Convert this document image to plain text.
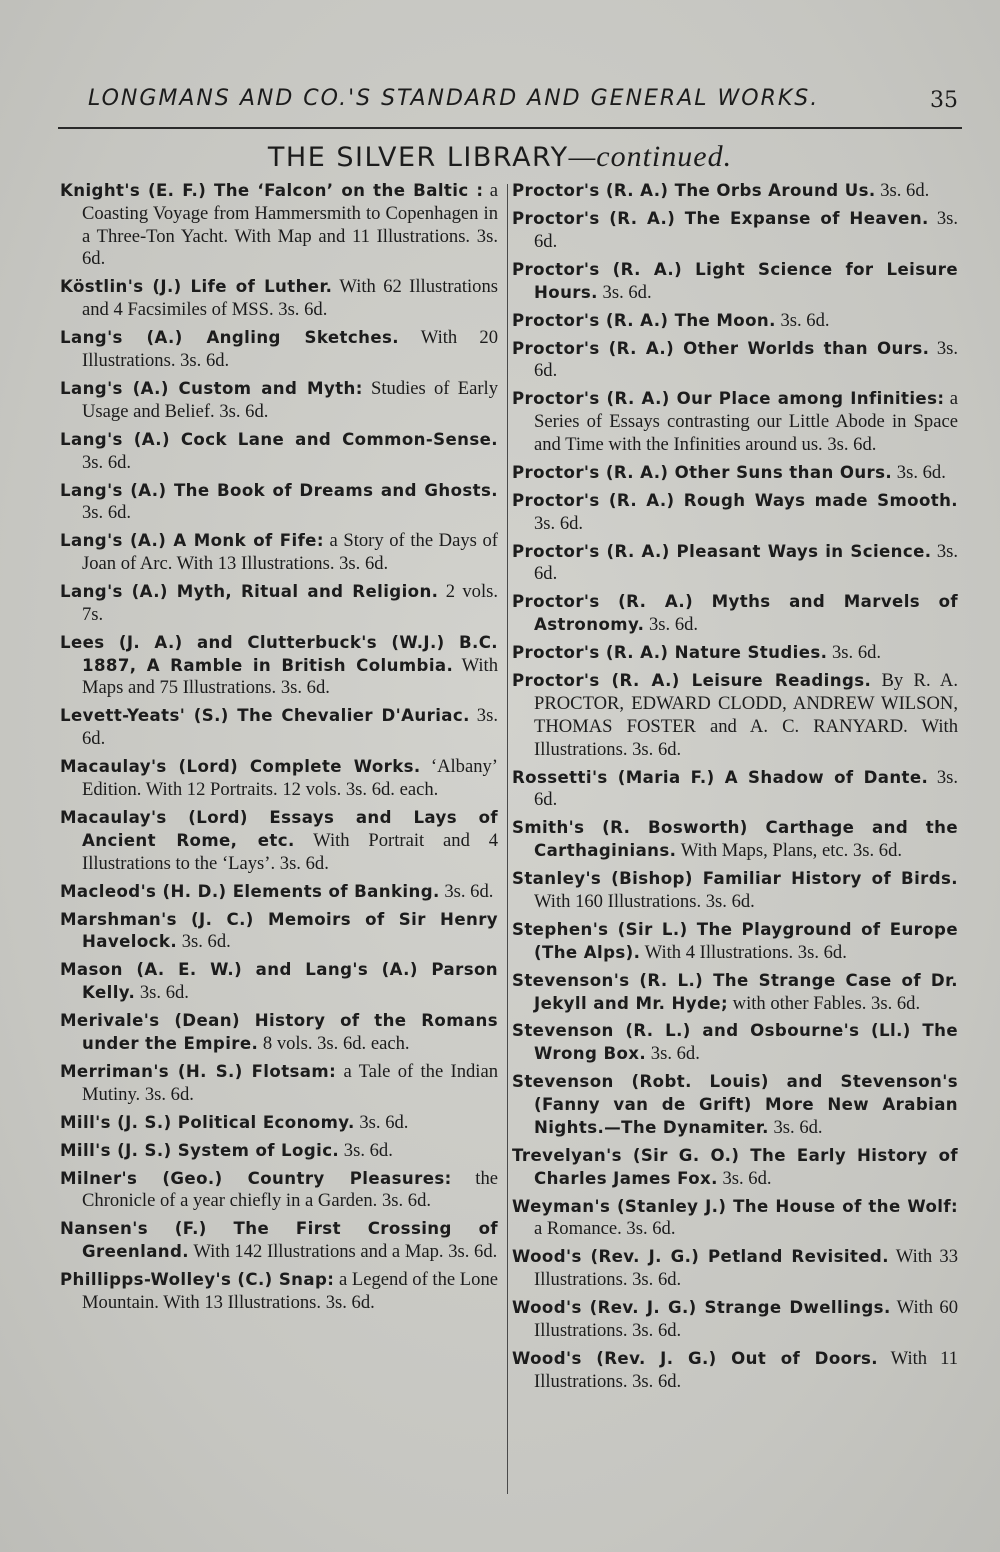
LONGMANS AND CO.'S STANDARD AND GENERAL WORKS.	35
THE SILVER LIBRARY—continued.

Knight's (E. F.) The ‘Falcon’ on the Baltic : a Coasting Voyage from Hammersmith to Copenhagen in a Three-Ton Yacht. With Map and 11 Illustrations. 3s. 6d.

Köstlin's (J.) Life of Luther. With 62 Illustrations and 4 Facsimiles of MSS. 3s. 6d.

Lang's (A.) Angling Sketches. With 20 Illustrations. 3s. 6d.

Lang's (A.) Custom and Myth: Studies of Early Usage and Belief. 3s. 6d.

Lang's (A.) Cock Lane and Common-Sense. 3s. 6d.

Lang's (A.) The Book of Dreams and Ghosts. 3s. 6d.

Lang's (A.) A Monk of Fife: a Story of the Days of Joan of Arc. With 13 Illustrations. 3s. 6d.

Lang's (A.) Myth, Ritual and Religion. 2 vols. 7s.

Lees (J. A.) and Clutterbuck's (W.J.) B.C. 1887, A Ramble in British Columbia. With Maps and 75 Illustrations. 3s. 6d.

Levett-Yeats' (S.) The Chevalier D'Auriac. 3s. 6d.

Macaulay's (Lord) Complete Works. ‘Albany’ Edition. With 12 Portraits. 12 vols. 3s. 6d. each.

Macaulay's (Lord) Essays and Lays of Ancient Rome, etc. With Portrait and 4 Illustrations to the ‘Lays’. 3s. 6d.

Macleod's (H. D.) Elements of Banking. 3s. 6d.

Marshman's (J. C.) Memoirs of Sir Henry Havelock. 3s. 6d.

Mason (A. E. W.) and Lang's (A.) Parson Kelly. 3s. 6d.

Merivale's (Dean) History of the Romans under the Empire. 8 vols. 3s. 6d. each.

Merriman's (H. S.) Flotsam: a Tale of the Indian Mutiny. 3s. 6d.

Mill's (J. S.) Political Economy. 3s. 6d.

Mill's (J. S.) System of Logic. 3s. 6d.

Milner's (Geo.) Country Pleasures: the Chronicle of a year chiefly in a Garden. 3s. 6d.

Nansen's (F.) The First Crossing of Greenland. With 142 Illustrations and a Map. 3s. 6d.

Phillipps-Wolley's (C.) Snap: a Legend of the Lone Mountain. With 13 Illustrations. 3s. 6d.

Proctor's (R. A.) The Orbs Around Us. 3s. 6d.

Proctor's (R. A.) The Expanse of Heaven. 3s. 6d.

Proctor's (R. A.) Light Science for Leisure Hours. 3s. 6d.

Proctor's (R. A.) The Moon. 3s. 6d.

Proctor's (R. A.) Other Worlds than Ours. 3s. 6d.

Proctor's (R. A.) Our Place among Infinities: a Series of Essays contrasting our Little Abode in Space and Time with the Infinities around us. 3s. 6d.

Proctor's (R. A.) Other Suns than Ours. 3s. 6d.

Proctor's (R. A.) Rough Ways made Smooth. 3s. 6d.

Proctor's (R. A.) Pleasant Ways in Science. 3s. 6d.

Proctor's (R. A.) Myths and Marvels of Astronomy. 3s. 6d.

Proctor's (R. A.) Nature Studies. 3s. 6d.

Proctor's (R. A.) Leisure Readings. By R. A. PROCTOR, EDWARD CLODD, ANDREW WILSON, THOMAS FOSTER and A. C. RANYARD. With Illustrations. 3s. 6d.

Rossetti's (Maria F.) A Shadow of Dante. 3s. 6d.

Smith's (R. Bosworth) Carthage and the Carthaginians. With Maps, Plans, etc. 3s. 6d.

Stanley's (Bishop) Familiar History of Birds. With 160 Illustrations. 3s. 6d.

Stephen's (Sir L.) The Playground of Europe (The Alps). With 4 Illustrations. 3s. 6d.

Stevenson's (R. L.) The Strange Case of Dr. Jekyll and Mr. Hyde; with other Fables. 3s. 6d.

Stevenson (R. L.) and Osbourne's (Ll.) The Wrong Box. 3s. 6d.

Stevenson (Robt. Louis) and Stevenson's (Fanny van de Grift) More New Arabian Nights.—The Dynamiter. 3s. 6d.

Trevelyan's (Sir G. O.) The Early History of Charles James Fox. 3s. 6d.

Weyman's (Stanley J.) The House of the Wolf: a Romance. 3s. 6d.

Wood's (Rev. J. G.) Petland Revisited. With 33 Illustrations. 3s. 6d.

Wood's (Rev. J. G.) Strange Dwellings. With 60 Illustrations. 3s. 6d.

Wood's (Rev. J. G.) Out of Doors. With 11 Illustrations. 3s. 6d.
